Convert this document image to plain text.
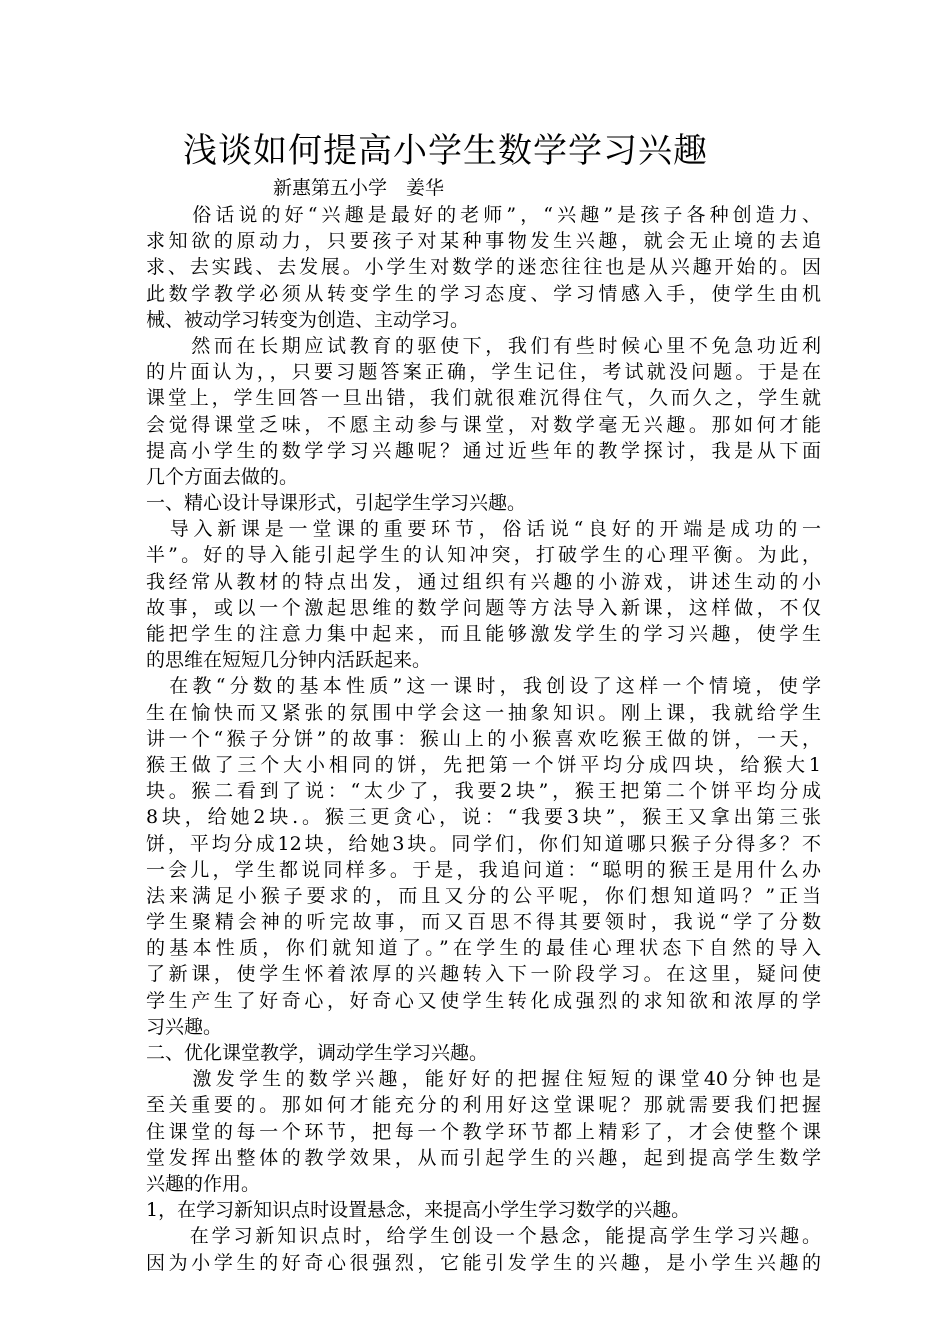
浅谈如何提高小学生数学学习兴趣
新惠第五小学　姜华
　　俗话说的好“兴趣是最好的老师”，“兴趣”是孩子各种创造力、
求知欲的原动力，只要孩子对某种事物发生兴趣，就会无止境的去追
求、去实践、去发展。小学生对数学的迷恋往往也是从兴趣开始的。因
此数学教学必须从转变学生的学习态度、学习情感入手，使学生由机
械、被动学习转变为创造、主动学习。
　　然而在长期应试教育的驱使下，我们有些时候心里不免急功近利
的片面认为，，只要习题答案正确，学生记住，考试就没问题。于是在
课堂上，学生回答一旦出错，我们就很难沉得住气，久而久之，学生就
会觉得课堂乏味，不愿主动参与课堂，对数学毫无兴趣。那如何才能
提高小学生的数学学习兴趣呢？通过近些年的教学探讨，我是从下面
几个方面去做的。
一、精心设计导课形式，引起学生学习兴趣。
　导入新课是一堂课的重要环节，俗话说“良好的开端是成功的一
半”。好的导入能引起学生的认知冲突，打破学生的心理平衡。为此，
我经常从教材的特点出发，通过组织有兴趣的小游戏，讲述生动的小
故事，或以一个激起思维的数学问题等方法导入新课，这样做，不仅
能把学生的注意力集中起来，而且能够激发学生的学习兴趣，使学生
的思维在短短几分钟内活跃起来。
　在教“分数的基本性质”这一课时，我创设了这样一个情境，使学
生在愉快而又紧张的氛围中学会这一抽象知识。刚上课，我就给学生
讲一个“猴子分饼”的故事：猴山上的小猴喜欢吃猴王做的饼，一天，
猴王做了三个大小相同的饼，先把第一个饼平均分成四块，给猴大1
块。猴二看到了说：“太少了，我要2块”，猴王把第二个饼平均分成
8块，给她2块.。猴三更贪心，说：“我要3块”，猴王又拿出第三张
饼，平均分成12块，给她3块。同学们，你们知道哪只猴子分得多？不
一会儿，学生都说同样多。于是，我追问道：“聪明的猴王是用什么办
法来满足小猴子要求的，而且又分的公平呢，你们想知道吗？”正当
学生聚精会神的听完故事，而又百思不得其要领时，我说“学了分数
的基本性质，你们就知道了。”在学生的最佳心理状态下自然的导入
了新课，使学生怀着浓厚的兴趣转入下一阶段学习。在这里，疑问使
学生产生了好奇心，好奇心又使学生转化成强烈的求知欲和浓厚的学
习兴趣。
二、优化课堂教学，调动学生学习兴趣。
　　激发学生的数学兴趣，能好好的把握住短短的课堂40分钟也是
至关重要的。那如何才能充分的利用好这堂课呢？那就需要我们把握
住课堂的每一个环节，把每一个教学环节都上精彩了，才会使整个课
堂发挥出整体的教学效果，从而引起学生的兴趣，起到提高学生数学
兴趣的作用。
1，在学习新知识点时设置悬念，来提高小学生学习数学的兴趣。
　　在学习新知识点时，给学生创设一个悬念，能提高学生学习兴趣。
因为小学生的好奇心很强烈，它能引发学生的兴趣，是小学生兴趣的
